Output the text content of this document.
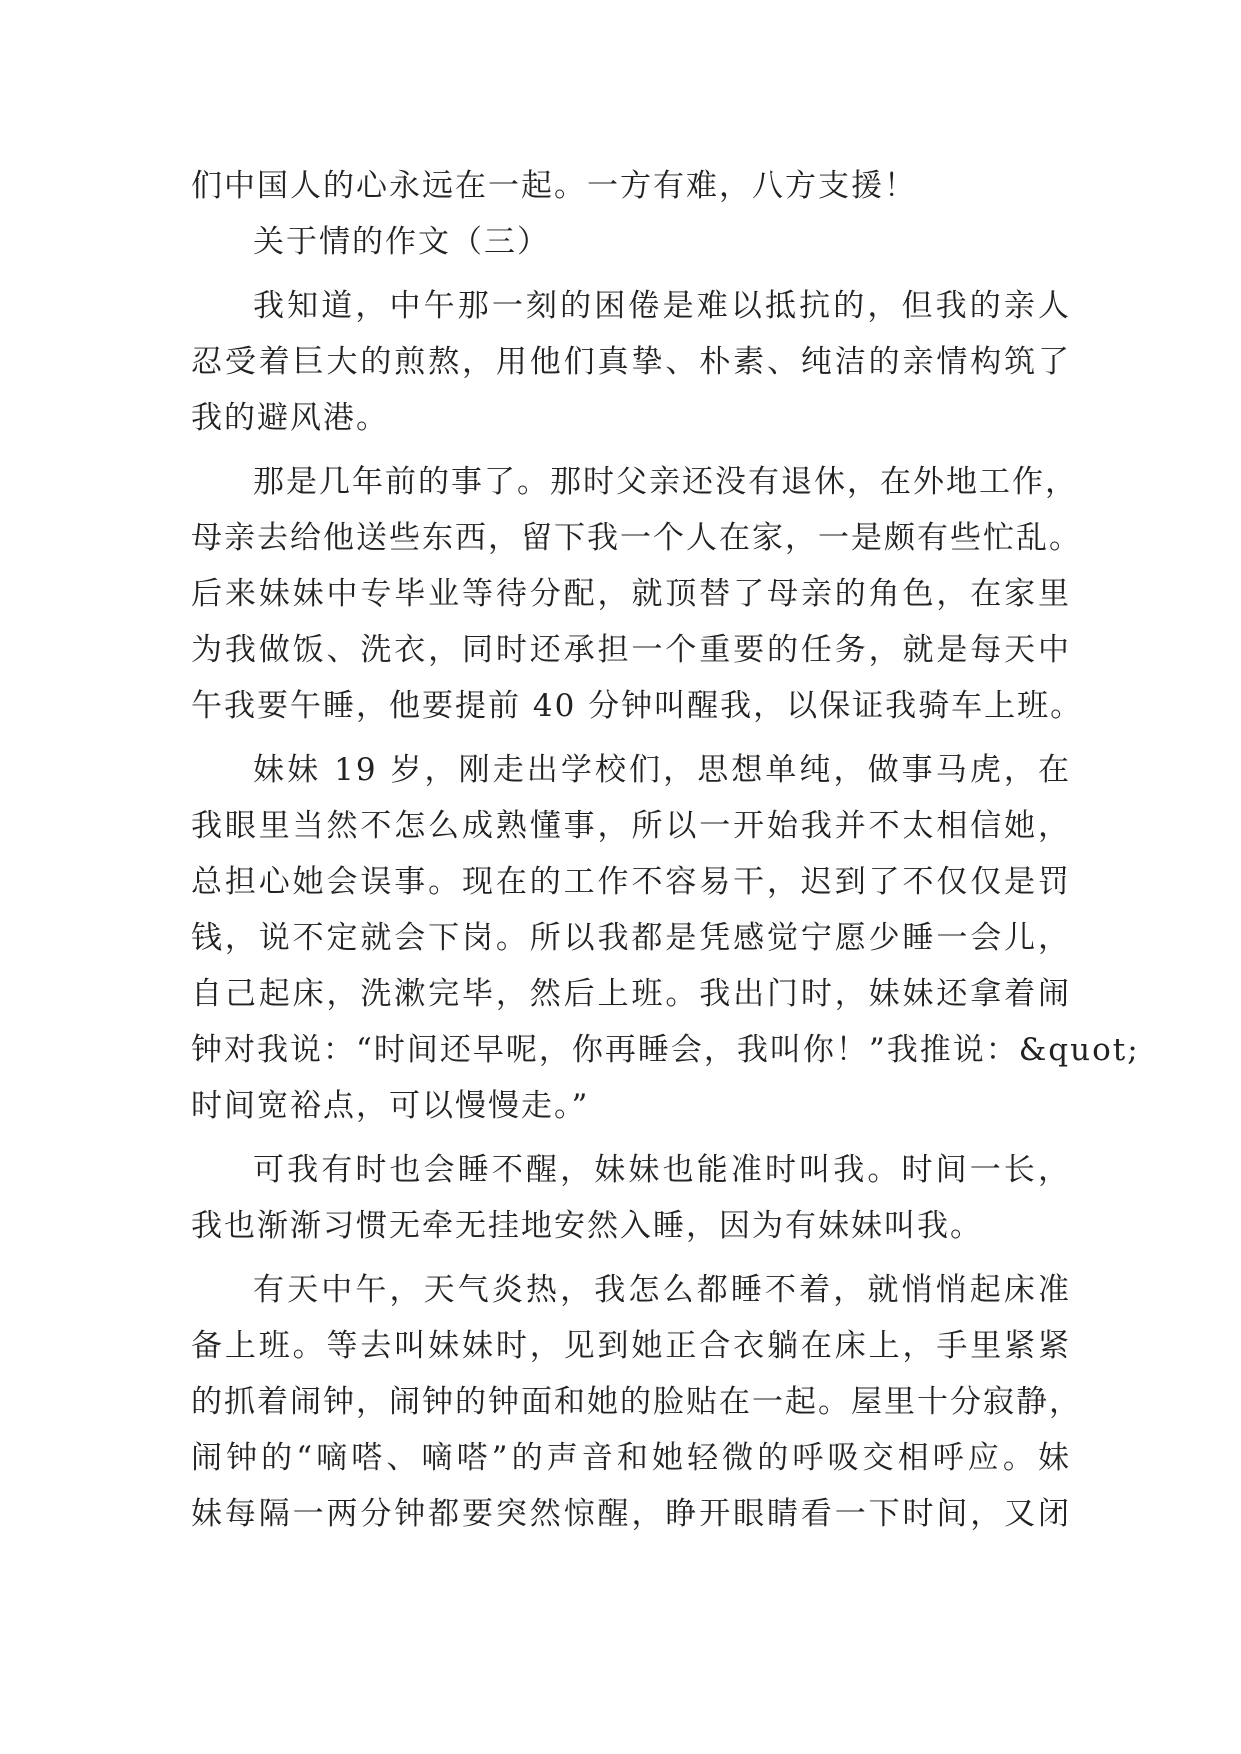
们中国人的心永远在一起。一方有难，八方支援！
关于情的作文（三）
我知道，中午那一刻的困倦是难以抵抗的，但我的亲人
忍受着巨大的煎熬，用他们真挚、朴素、纯洁的亲情构筑了
我的避风港。
那是几年前的事了。那时父亲还没有退休，在外地工作，
母亲去给他送些东西，留下我一个人在家，一是颇有些忙乱。
后来妹妹中专毕业等待分配，就顶替了母亲的角色，在家里
为我做饭、洗衣，同时还承担一个重要的任务，就是每天中
午我要午睡，他要提前 40 分钟叫醒我，以保证我骑车上班。
妹妹 19 岁，刚走出学校们，思想单纯，做事马虎，在
我眼里当然不怎么成熟懂事，所以一开始我并不太相信她，
总担心她会误事。现在的工作不容易干，迟到了不仅仅是罚
钱，说不定就会下岗。所以我都是凭感觉宁愿少睡一会儿，
自己起床，洗漱完毕，然后上班。我出门时，妹妹还拿着闹
钟对我说：“时间还早呢，你再睡会，我叫你！”我推说：&quot;
时间宽裕点，可以慢慢走。”
可我有时也会睡不醒，妹妹也能准时叫我。时间一长，
我也渐渐习惯无牵无挂地安然入睡，因为有妹妹叫我。
有天中午，天气炎热，我怎么都睡不着，就悄悄起床准
备上班。等去叫妹妹时，见到她正合衣躺在床上，手里紧紧
的抓着闹钟，闹钟的钟面和她的脸贴在一起。屋里十分寂静，
闹钟的“嘀嗒、嘀嗒”的声音和她轻微的呼吸交相呼应。妹
妹每隔一两分钟都要突然惊醒，睁开眼睛看一下时间，又闭
